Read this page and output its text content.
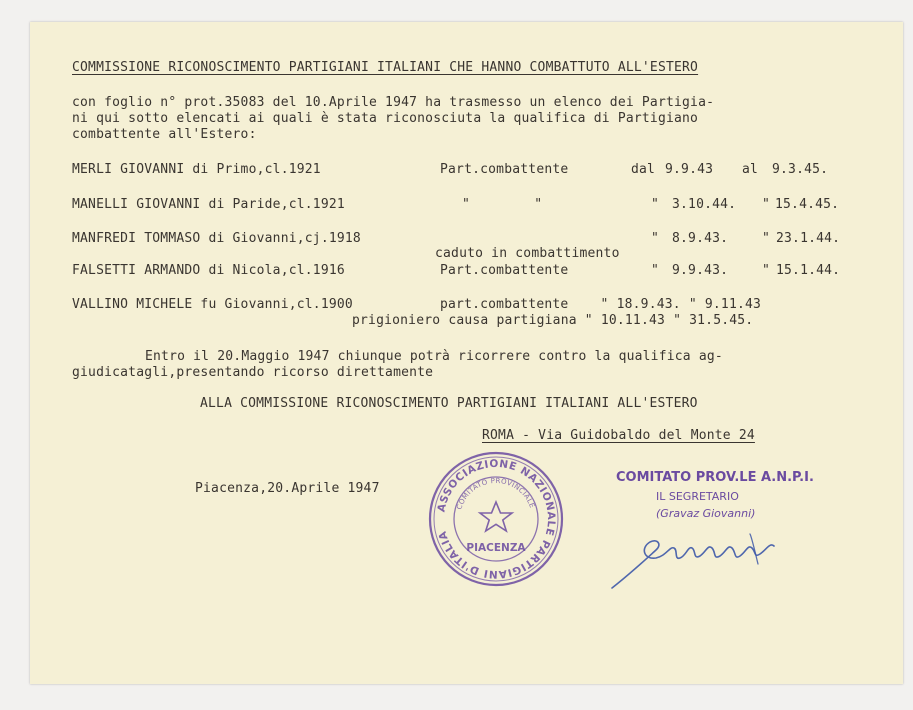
COMMISSIONE RICONOSCIMENTO PARTIGIANI ITALIANI CHE HANNO COMBATTUTO ALL'ESTERO
con foglio n° prot.35083 del 10.Aprile 1947 ha trasmesso un elenco dei Partigia-
ni qui sotto elencati ai quali è stata riconosciuta la qualifica di Partigiano
combattente all'Estero:
MERLI GIOVANNI di Primo,cl.1921	Part.combattente	dal 9.9.43 al 9.3.45.
MANELLI GIOVANNI di Paride,cl.1921	"        "	" 3.10.44. " 15.4.45.
MANFREDI TOMMASO di Giovanni,cj.1918	" 8.9.43.	" 23.1.44.
caduto in combattimento
FALSETTI ARMANDO di Nicola,cl.1916	Part.combattente	" 9.9.43.	" 15.1.44.
VALLINO MICHELE fu Giovanni,cl.1900	part.combattente    " 18.9.43. " 9.11.43
prigioniero causa partigiana " 10.11.43 " 31.5.45.
Entro il 20.Maggio 1947 chiunque potrà ricorrere contro la qualifica ag-
giudicatagli,presentando ricorso direttamente
ALLA COMMISSIONE RICONOSCIMENTO PARTIGIANI ITALIANI ALL'ESTERO
ROMA - Via Guidobaldo del Monte 24
Piacenza,20.Aprile 1947
ASSOCIAZIONE NAZIONALE PARTIGIANI D'ITALIA
COMITATO PROVINCIALE
PIACENZA
COMITATO PROV.LE A.N.P.I.
IL SEGRETARIO
(Gravaz Giovanni)
